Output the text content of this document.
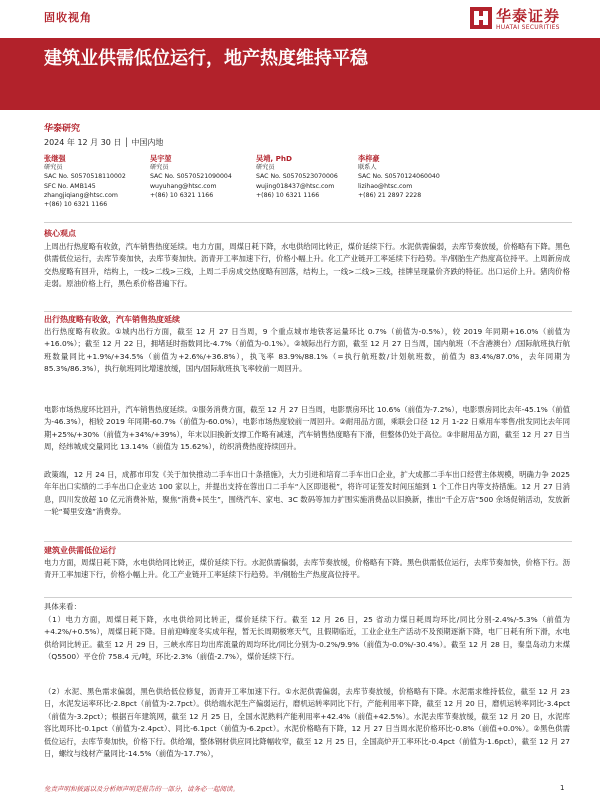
固收视角	华泰证券
HUATAI SECURITIES
建筑业供需低位运行，地产热度维持平稳
华泰研究
2024 年 12 月 30 日 │ 中国内地
张继强
研究员
SAC No. S0570518110002
SFC No. AMB145
zhangjiqiang@htsc.com
+(86) 10 6321 1166
吴宇堃
研究员
SAC No. S0570521090004
wuyuhang@htsc.com
+(86) 10 6321 1166
吴靖, PhD
研究员
SAC No. S0570523070006
wujing018437@htsc.com
+(86) 10 6321 1166
李梓豪
联系人
SAC No. S0570124060040
lizihao@htsc.com
+(86) 21 2897 2228
核心观点
上周出行热度略有收敛，汽车销售热度延续。电力方面，周煤日耗下降，水电供给同比转正，煤价延续下行。水泥供需偏弱，去库节奏放缓，价格略有下降。黑色供需低位运行，去库节奏加快，去库节奏加快。沥青开工率加速下行，价格小幅上升。化工产业链开工率延续下行趋势。半/钢胎生产热度高位持平。上周新房成交热度略有回升，结构上，一线>二线>三线，上周二手房成交热度略有回落，结构上，一线>二线>三线，挂牌呈现量价齐跌的特征。出口运价上升。猪肉价格走弱。原油价格上行，黑色系价格普遍下行。
出行热度略有收敛，汽车销售热度延续
出行热度略有收敛。①城内出行方面，截至 12 月 27 日当周，9 个重点城市地铁客运量环比 0.7%（前值为-0.5%），较 2019 年同期+16.0%（前值为+16.0%）；截至 12 月 22 日，拥堵延时指数同比-4.7%（前值为-0.1%）。②城际出行方面，截至 12 月 27 日当周，国内航班（不含港澳台）/国际航班执行航班数量同比+1.9%/+34.5%（前值为+2.6%/+36.8%），执飞率 83.9%/88.1%（=执行航班数/计划航班数，前值为 83.4%/87.0%，去年同期为 85.3%/86.3%），执行航班同比增速放缓，国内/国际航班执飞率较前一周回升。
电影市场热度环比回升，汽车销售热度延续。①服务消费方面，截至 12 月 27 日当周，电影票房环比 10.6%（前值为-7.2%），电影票房同比去年-45.1%（前值为-46.3%），相较 2019 年同期-60.7%（前值为-60.0%），电影市场热度较前一周回升。②耐用品方面，乘联会口径 12 月 1-22 日乘用车零售/批发同比去年同期+25%/+30%（前值为+34%/+39%），年末以旧换新支撑工作略有减速，汽车销售热度略有下滑，但整体仍处于高位。③非耐用品方面，截至 12 月 27 日当周，经纬城成交量同比 13.14%（前值为 15.62%），纺织消费热度持续回升。
政策端，12 月 24 日，成都市印发《关于加快推动二手车出口十条措施》，大力引进和培育二手车出口企业，扩大成都二手车出口经营主体规模，明确力争 2025 年年出口实绩的二手车出口企业达 100 家以上，并提出支持在蓉出口二手车“入区即退税”，将许可证签发时间压缩到 1 个工作日内等支持措施。12 月 27 日消息，四川发放超 10 亿元消费补贴，聚焦“消费+民生”，围绕汽车、家电、3C 数码等加力扩围实施消费品以旧换新，推出“千企万店”500 余场促销活动，发放新一轮“蜀里安逸”消费券。
建筑业供需低位运行
电力方面，周煤日耗下降，水电供给同比转正，煤价延续下行。水泥供需偏弱，去库节奏放缓，价格略有下降。黑色供需低位运行，去库节奏加快，价格下行。沥青开工率加速下行，价格小幅上升。化工产业链开工率延续下行趋势。半/钢胎生产热度高位持平。
具体来看：
（1）电力方面，周煤日耗下降，水电供给同比转正，煤价延续下行。截至 12 月 26 日，25 省动力煤日耗周均环比/同比分别-2.4%/-5.3%（前值为+4.2%/+0.5%），周煤日耗下降。目前迎峰度冬实成年程，暂无长周期极寒天气，且假期临近，工业企业生产活动不及预期逐渐下降，电厂日耗有所下滑，水电供给同比转正。截至 12 月 29 日，三峡水库日均出库流量的周均环比/同比分别为-0.2%/9.9%（前值为-0.0%/-30.4%）。截至 12 月 28 日，秦皇岛动力末煤（Q5500）平仓价 758.4 元/吨，环比-2.3%（前值-2.7%），煤价延续下行。
（2）水泥、黑色需求偏弱，黑色供给低位修复，沥青开工率加速下行。①水泥供需偏弱，去库节奏放缓，价格略有下降。水泥需求维持低位，截至 12 月 23 日，水泥发运率环比-2.8pct（前值为-2.7pct）。供给端水泥生产偏弱运行，磨机运转率同比下行，产能利用率下降，截至 12 月 20 日，磨机运转率同比-3.4pct（前值为-3.2pct）；根据百年建筑网，截至 12 月 25 日，全国水泥熟料产能利用率+42.4%（前值+42.5%）。水泥去库节奏放缓，截至 12 月 20 日，水泥库容比周环比-0.1pct（前值为-2.4pct）、同比-6.1pct（前值为-6.2pct）。水泥价格略有下降，12 月 27 日当周水泥价格环比-0.8%（前值+0.0%）。②黑色供需低位运行，去库节奏加快，价格下行。供给端，整体钢材供应同比降幅收窄，截至 12 月 25 日，全国高炉开工率环比-0.4pct（前值为-1.6pct），截至 12 月 27 日，螺纹与线材产量同比-14.5%（前值为-17.7%），
免责声明和披露以及分析师声明是报告的一部分，请务必一起阅读。	1
